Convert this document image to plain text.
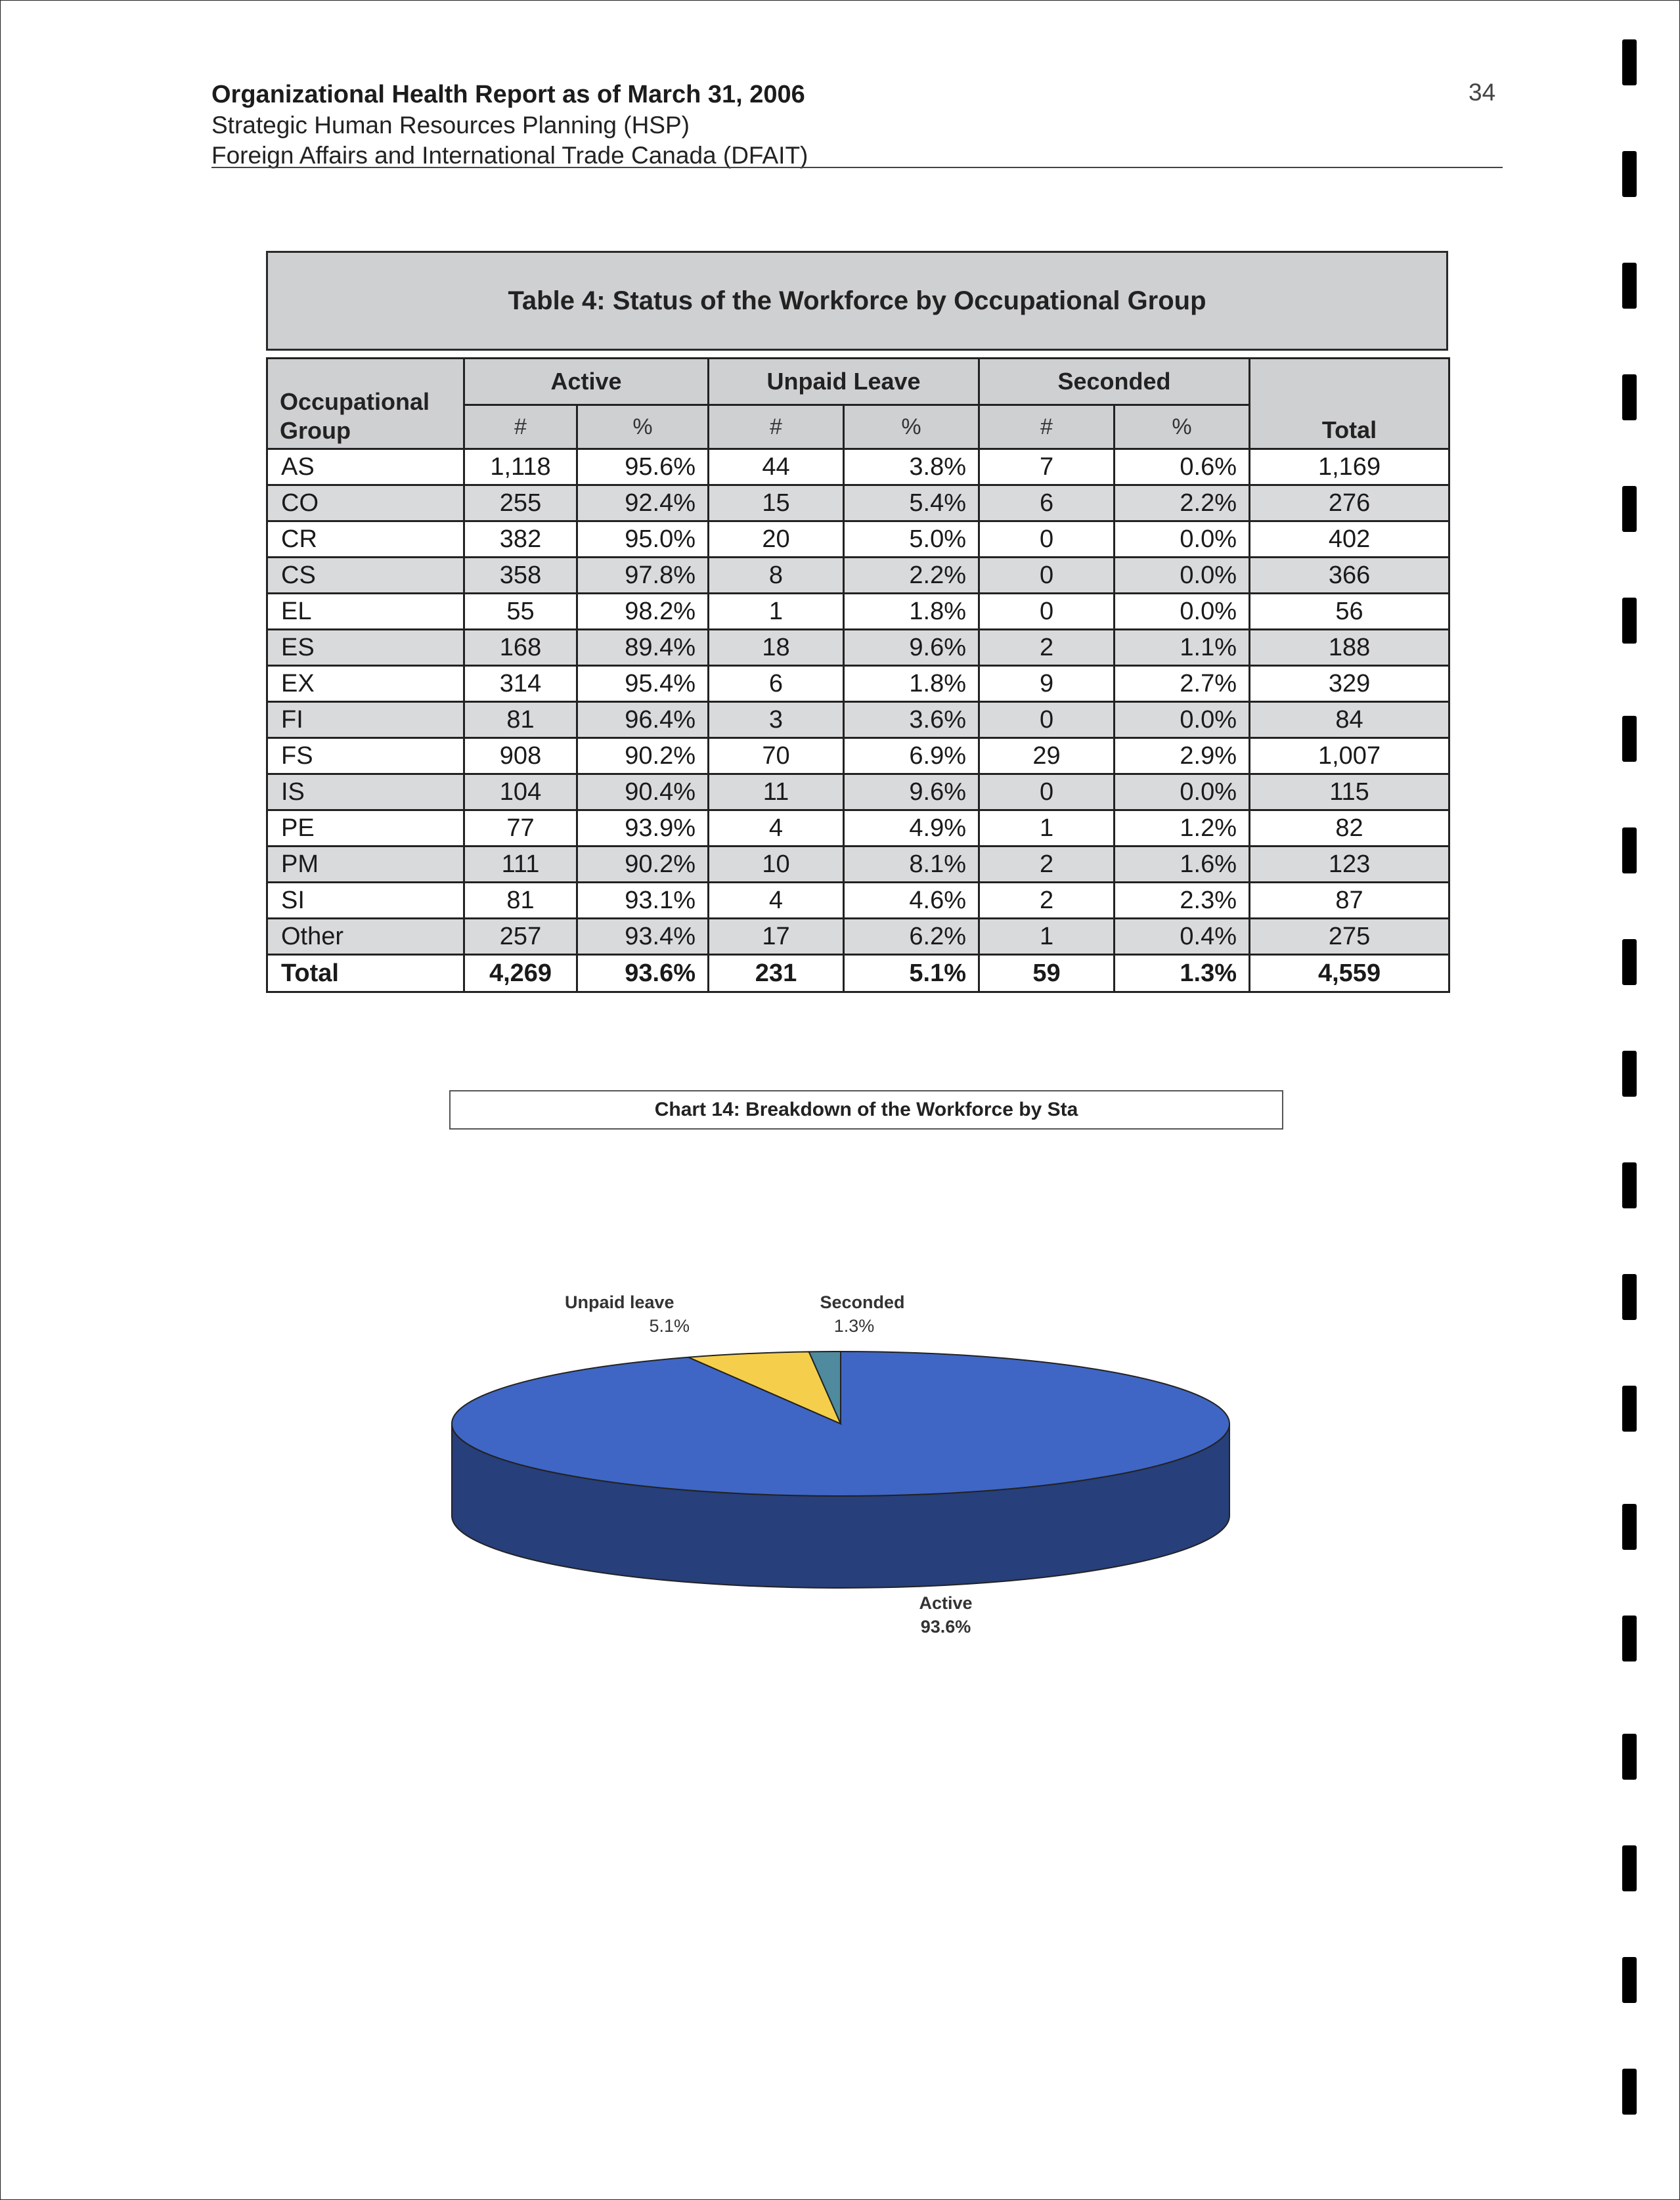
Organizational Health Report as of March 31, 2006
Strategic Human Resources Planning (HSP)
Foreign Affairs and International Trade Canada (DFAIT)
34
Table 4: Status of the Workforce by Occupational Group
Occupational Group	Active		Unpaid Leave		Seconded		Total
	#	%	#	%	#	%	
AS	1,118	95.6%	44	3.8%	7	0.6%	1,169
CO	255	92.4%	15	5.4%	6	2.2%	276
CR	382	95.0%	20	5.0%	0	0.0%	402
CS	358	97.8%	8	2.2%	0	0.0%	366
EL	55	98.2%	1	1.8%	0	0.0%	56
ES	168	89.4%	18	9.6%	2	1.1%	188
EX	314	95.4%	6	1.8%	9	2.7%	329
FI	81	96.4%	3	3.6%	0	0.0%	84
FS	908	90.2%	70	6.9%	29	2.9%	1,007
IS	104	90.4%	11	9.6%	0	0.0%	115
PE	77	93.9%	4	4.9%	1	1.2%	82
PM	111	90.2%	10	8.1%	2	1.6%	123
SI	81	93.1%	4	4.6%	2	2.3%	87
Other	257	93.4%	17	6.2%	1	0.4%	275
Total	4,269	93.6%	231	5.1%	59	1.3%	4,559
Chart 14: Breakdown of the Workforce by Sta
Unpaid leave
5.1%
Seconded
1.3%
Active
93.6%
